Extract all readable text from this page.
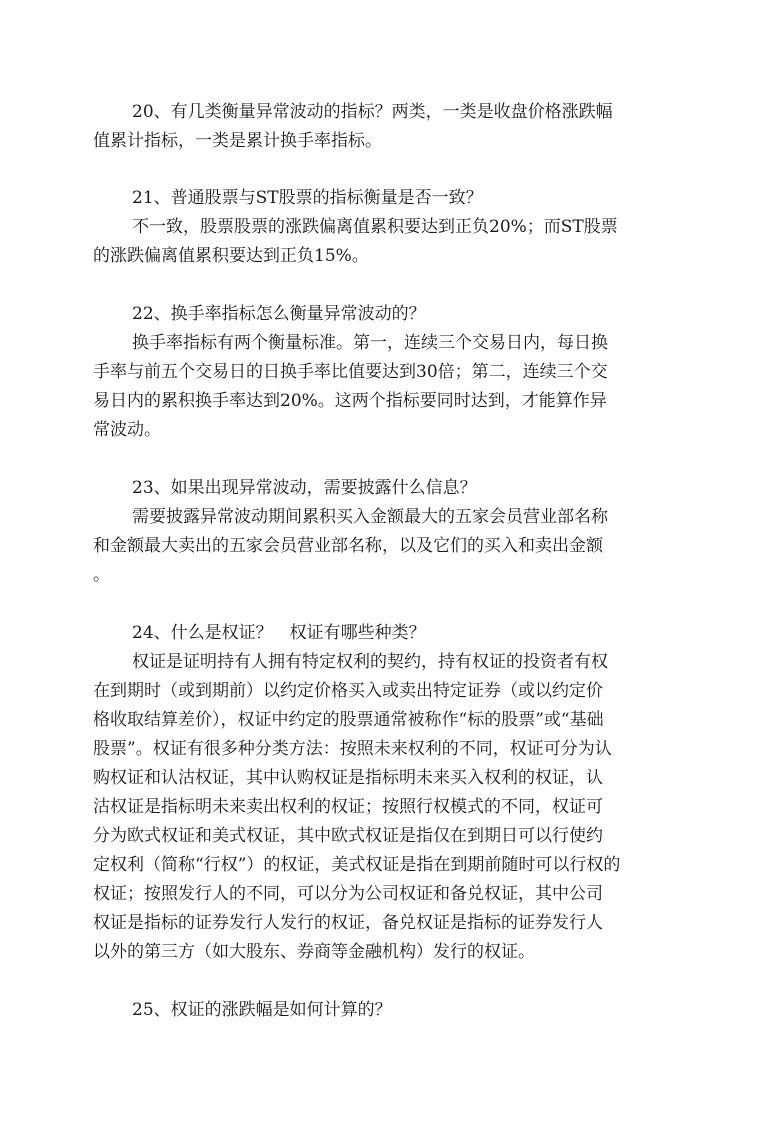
20、有几类衡量异常波动的指标？两类，一类是收盘价格涨跌幅
值累计指标，一类是累计换手率指标。
21、普通股票与ST股票的指标衡量是否一致？
不一致，股票股票的涨跌偏离值累积要达到正负20%；而ST股票
的涨跌偏离值累积要达到正负15%。
22、换手率指标怎么衡量异常波动的？
换手率指标有两个衡量标准。第一，连续三个交易日内，每日换
手率与前五个交易日的日换手率比值要达到30倍；第二，连续三个交
易日内的累积换手率达到20%。这两个指标要同时达到，才能算作异
常波动。
23、如果出现异常波动，需要披露什么信息？
需要披露异常波动期间累积买入金额最大的五家会员营业部名称
和金额最大卖出的五家会员营业部名称，以及它们的买入和卖出金额
。
24、什么是权证？　权证有哪些种类？
权证是证明持有人拥有特定权利的契约，持有权证的投资者有权
在到期时（或到期前）以约定价格买入或卖出特定证券（或以约定价
格收取结算差价），权证中约定的股票通常被称作“标的股票”或“基础
股票”。权证有很多种分类方法：按照未来权利的不同，权证可分为认
购权证和认沽权证，其中认购权证是指标明未来买入权利的权证，认
沽权证是指标明未来卖出权利的权证；按照行权模式的不同，权证可
分为欧式权证和美式权证，其中欧式权证是指仅在到期日可以行使约
定权利（简称“行权”）的权证，美式权证是指在到期前随时可以行权的
权证；按照发行人的不同，可以分为公司权证和备兑权证，其中公司
权证是指标的证券发行人发行的权证，备兑权证是指标的证券发行人
以外的第三方（如大股东、券商等金融机构）发行的权证。
25、权证的涨跌幅是如何计算的？
